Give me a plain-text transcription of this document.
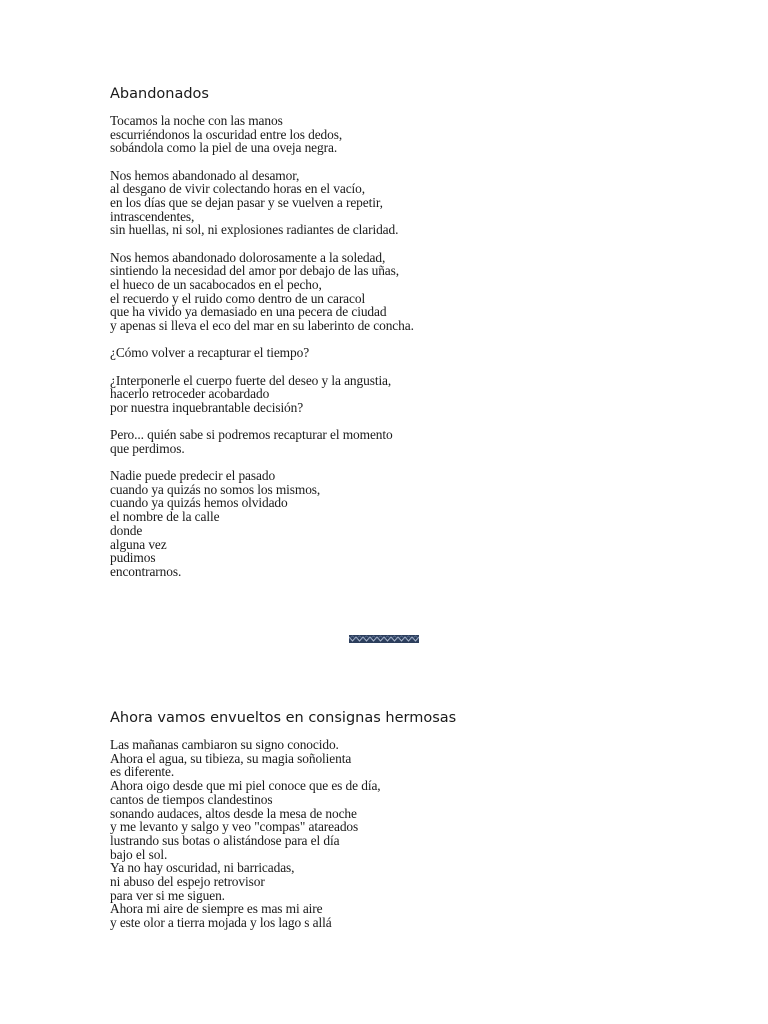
Abandonados
Tocamos la noche con las manos
escurriéndonos la oscuridad entre los dedos,
sobándola como la piel de una oveja negra.
Nos hemos abandonado al desamor,
al desgano de vivir colectando horas en el vacío,
en los días que se dejan pasar y se vuelven a repetir,
intrascendentes,
sin huellas, ni sol, ni explosiones radiantes de claridad.
Nos hemos abandonado dolorosamente a la soledad,
sintiendo la necesidad del amor por debajo de las uñas,
el hueco de un sacabocados en el pecho,
el recuerdo y el ruido como dentro de un caracol
que ha vivido ya demasiado en una pecera de ciudad
y apenas si lleva el eco del mar en su laberinto de concha.
¿Cómo volver a recapturar el tiempo?
¿Interponerle el cuerpo fuerte del deseo y la angustia,
hacerlo retroceder acobardado
por nuestra inquebrantable decisión?
Pero... quién sabe si podremos recapturar el momento
que perdimos.
Nadie puede predecir el pasado
cuando ya quizás no somos los mismos,
cuando ya quizás hemos olvidado
el nombre de la calle
donde
alguna vez
pudimos
encontrarnos.
Ahora vamos envueltos en consignas hermosas
Las mañanas cambiaron su signo conocido.
Ahora el agua, su tibieza, su magia soñolienta
es diferente.
Ahora oigo desde que mi piel conoce que es de día,
cantos de tiempos clandestinos
sonando audaces, altos desde la mesa de noche
y me levanto y salgo y veo "compas" atareados
lustrando sus botas o alistándose para el día
bajo el sol.
Ya no hay oscuridad, ni barricadas,
ni abuso del espejo retrovisor
para ver si me siguen.
Ahora mi aire de siempre es mas mi aire
y este olor a tierra mojada y los lago s allá
